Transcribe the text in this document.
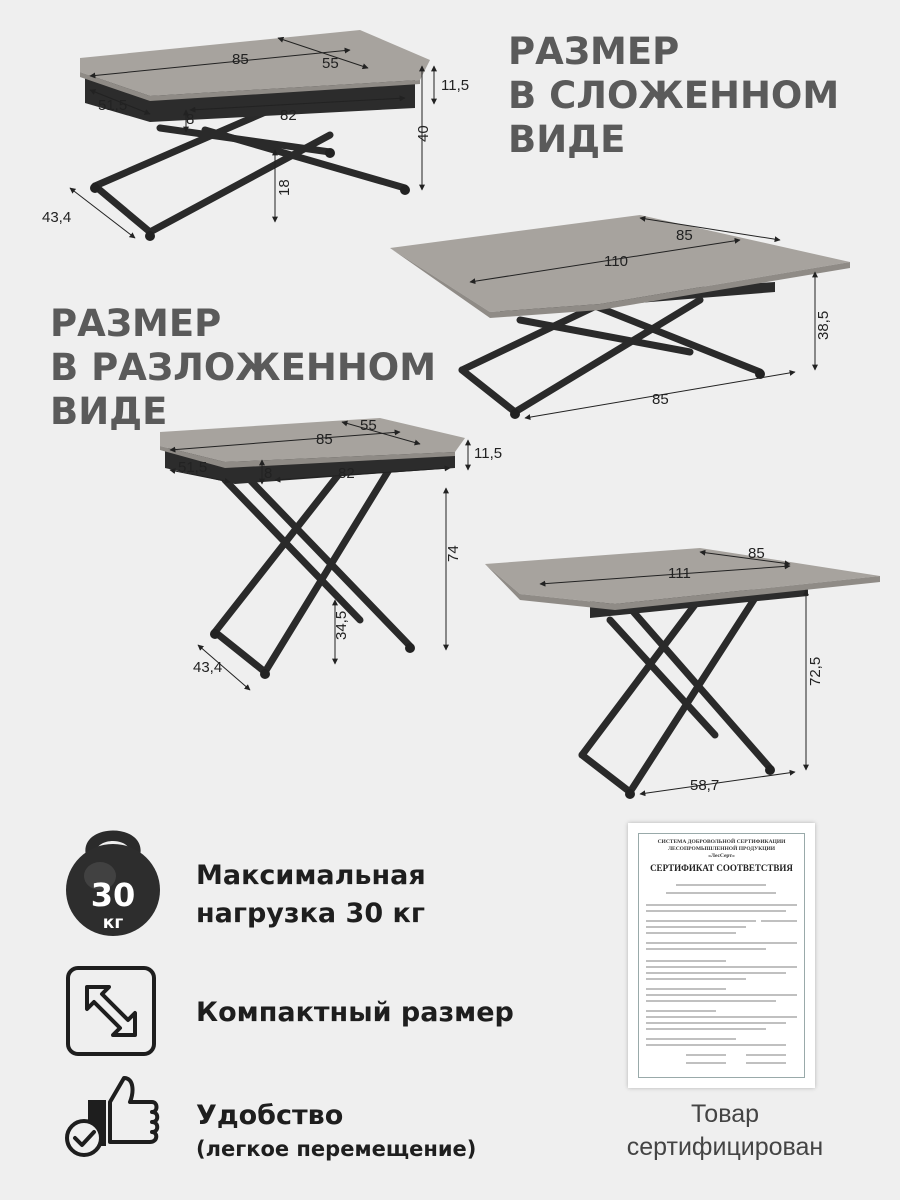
РАЗМЕР
В СЛОЖЕННОМ
ВИДЕ
РАЗМЕР
В РАЗЛОЖЕННОМ
ВИДЕ
85	55
11,5
51,5
82
8
40
18
43,4
85
110
38,5
85
85
55
11,5
51,5	8	82
74
34,5
43,4
85
111
72,5
58,7
30
кг
Максимальная
нагрузка 30 кг
Компактный размер
Удобство
(легкое перемещение)
СИСТЕМА ДОБРОВОЛЬНОЙ СЕРТИФИКАЦИИ
ЛЕСОПРОМЫШЛЕННОЙ ПРОДУКЦИИ
«ЛесСерт»
СЕРТИФИКАТ СООТВЕТСТВИЯ
Товар
сертифицирован
